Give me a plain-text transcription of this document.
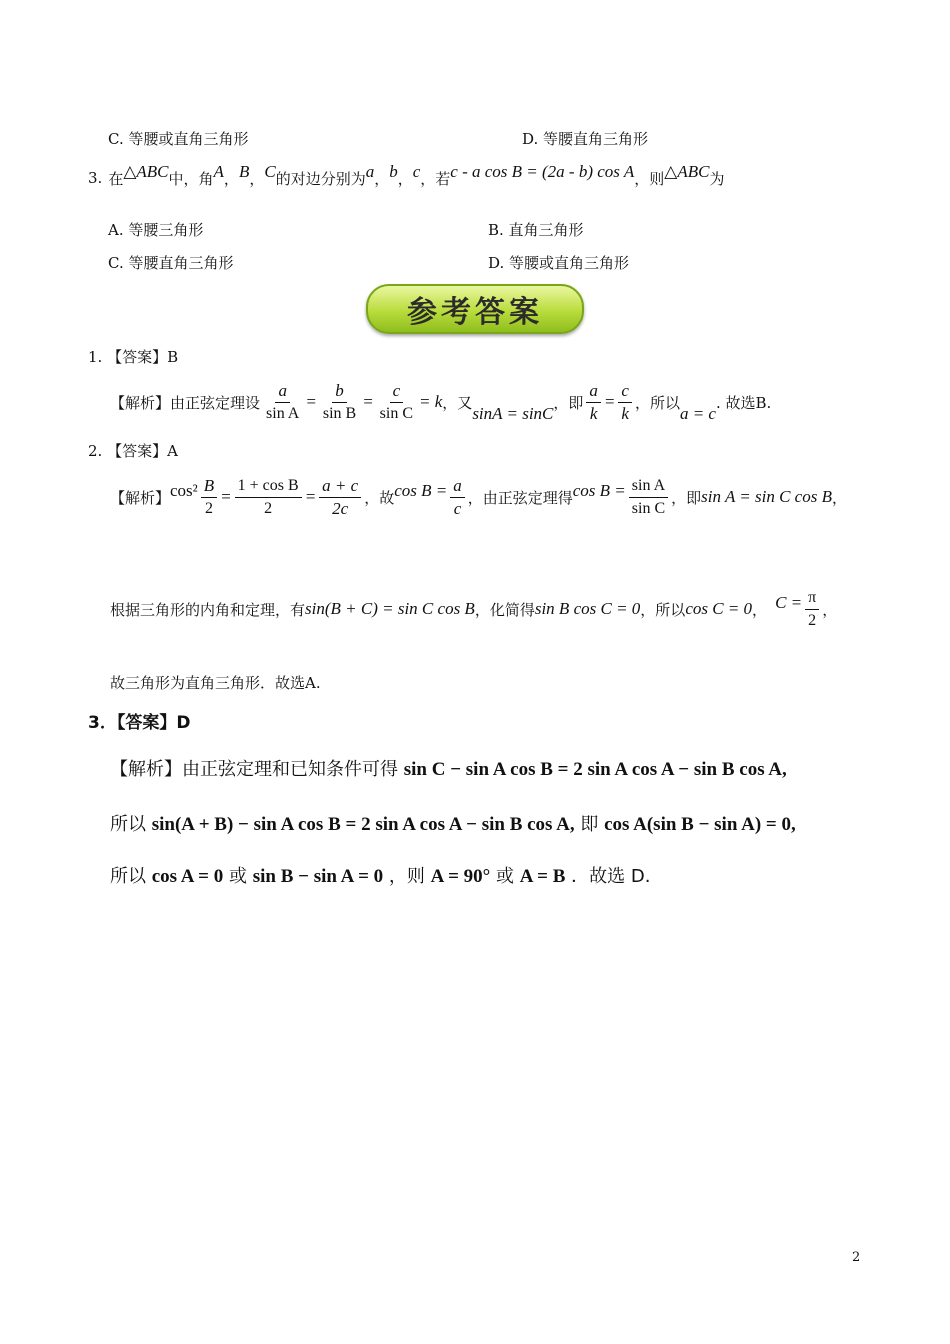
C. 等腰或直角三角形	D. 等腰直角三角形
3. 在 △ABC 中，角 A ， B ， C 的对边分别为 a ， b ， c ，若 c - a cos B = (2a - b) cos A ，则 △ABC 为
A. 等腰三角形	B. 直角三角形
C. 等腰直角三角形	D. 等腰或直角三角形
参考答案
1. 【答案】B
【解析】由正弦定理设 $\frac{a}{\text{sin A}} = \frac{b}{\text{sin B}} = \frac{c}{\text{sin C}} = k$ ，又
sinA = sinC
，即 $\frac{a}{k} = \frac{c}{k}$ ，所以
a = c
. 故选B.
2. 【答案】A
【解析】 $\cos^2 \frac{B}{2} = \frac{\text{1 + cos B}}{2} = \frac{a + c}{2c}$ ，故 $\cos B = \frac{a}{c}$ ，由正弦定理得 $\cos B = \frac{\text{sin A}}{\text{sin C}}$ ，即 sin A = sin C cos B ，
根据三角形的内角和定理，有 sin(B + C) = sin C cos B ，化简得 sin B cos C = 0 ，所以 cos C = 0 ， $C = \frac{\pi}{2}$ ，
故三角形为直角三角形．故选A.
3．【答案】D
【解析】由正弦定理和已知条件可得 sin C − sin A cos B = 2 sin A cos A − sin B cos A,
所以 sin(A + B) − sin A cos B = 2 sin A cos A − sin B cos A, 即 cos A(sin B − sin A) = 0,
所以 cos A = 0 或 sin B − sin A = 0 ，则 A = 90° 或 A = B ．故选 D.
2
